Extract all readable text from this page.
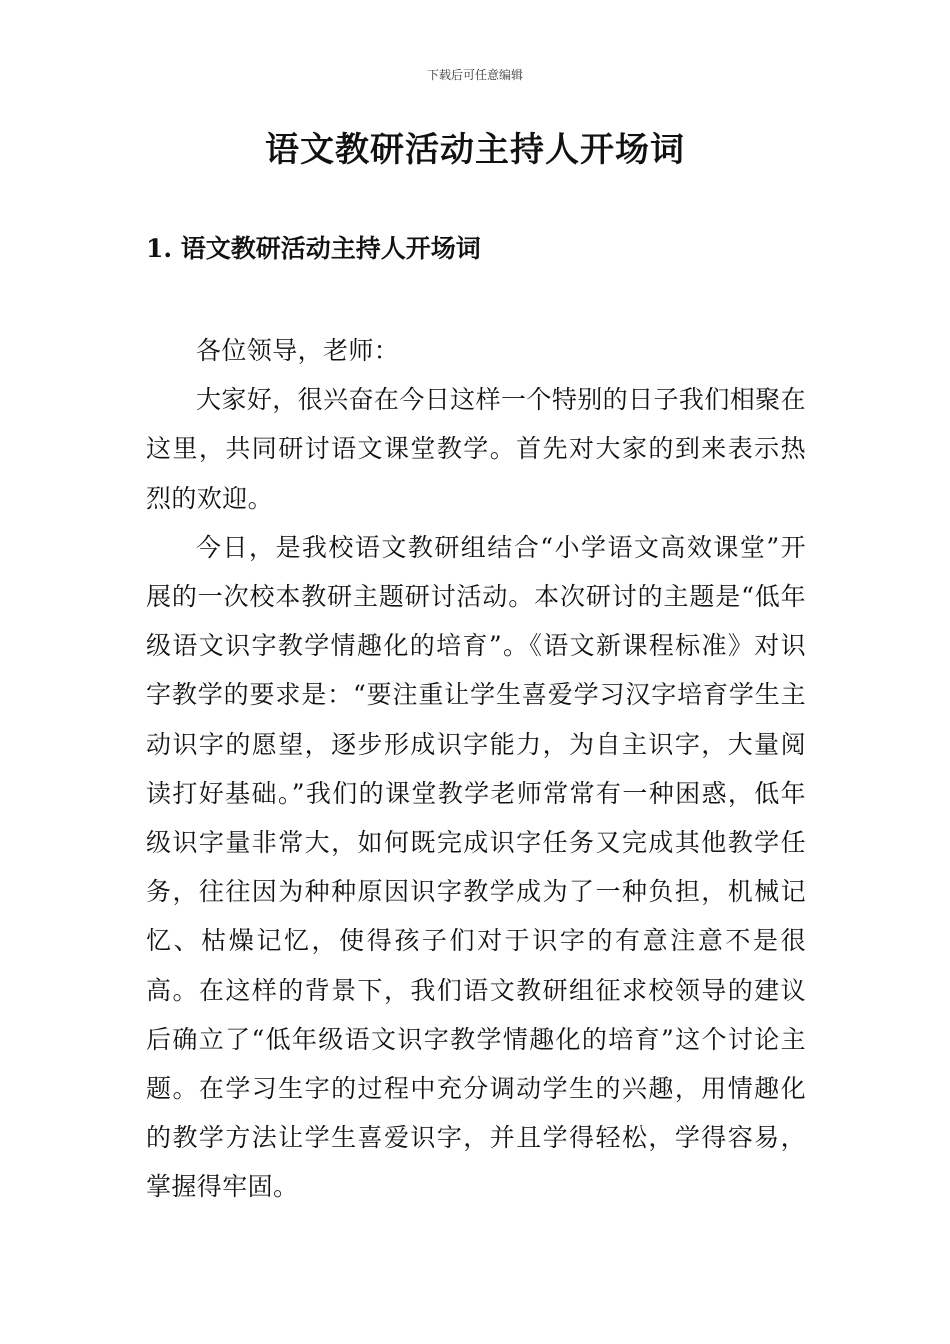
下载后可任意编辑
语文教研活动主持人开场词
1. 语文教研活动主持人开场词

各位领导，老师：

大家好，很兴奋在今日这样一个特别的日子我们相聚在这里，共同研讨语文课堂教学。首先对大家的到来表示热烈的欢迎。

今日，是我校语文教研组结合“小学语文高效课堂”开展的一次校本教研主题研讨活动。本次研讨的主题是“低年级语文识字教学情趣化的培育”。《语文新课程标准》对识字教学的要求是：“要注重让学生喜爱学习汉字培育学生主动识字的愿望，逐步形成识字能力，为自主识字，大量阅读打好基础。”我们的课堂教学老师常常有一种困惑，低年级识字量非常大，如何既完成识字任务又完成其他教学任务，往往因为种种原因识字教学成为了一种负担，机械记忆、枯燥记忆，使得孩子们对于识字的有意注意不是很高。在这样的背景下，我们语文教研组征求校领导的建议后确立了“低年级语文识字教学情趣化的培育”这个讨论主题。在学习生字的过程中充分调动学生的兴趣，用情趣化的教学方法让学生喜爱识字，并且学得轻松，学得容易，掌握得牢固。
